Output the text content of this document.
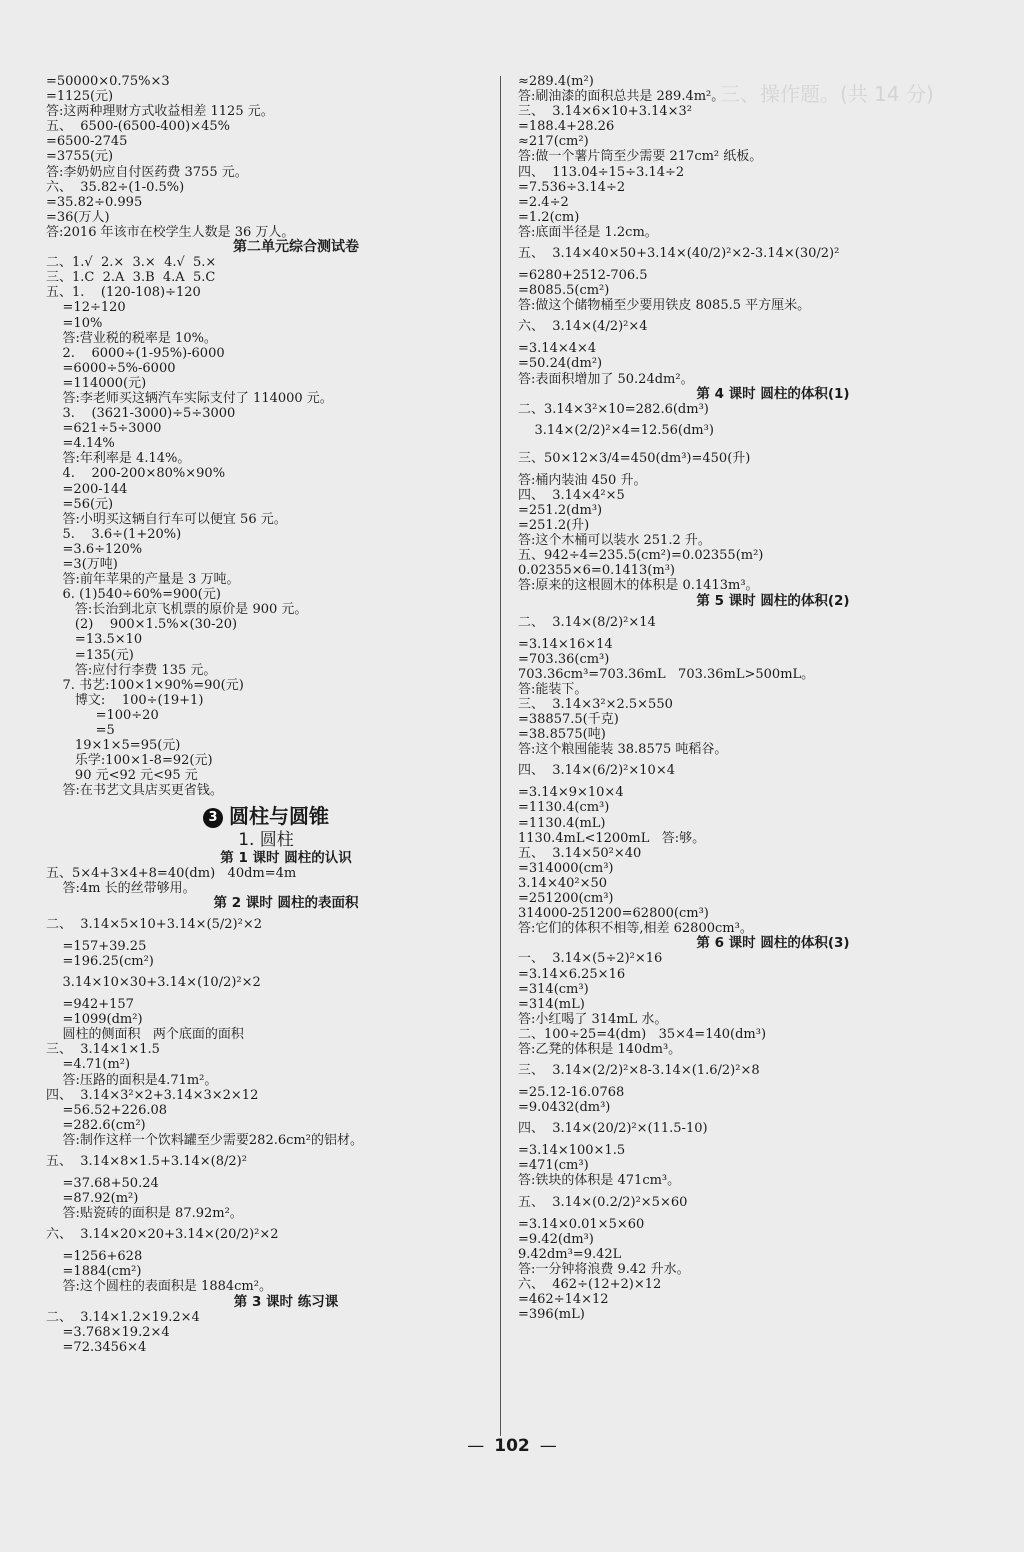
三、操作题。(共 14 分)
=50000×0.75%×3
=1125(元)
答:这两种理财方式收益相差 1125 元。
五、  6500-(6500-400)×45%
=6500-2745
=3755(元)
答:李奶奶应自付医药费 3755 元。
六、  35.82÷(1-0.5%)
=35.82÷0.995
=36(万人)
答:2016 年该市在校学生人数是 36 万人。
第二单元综合测试卷
二、1.√  2.×  3.×  4.√  5.×
三、1.C  2.A  3.B  4.A  5.C
五、1.    (120-108)÷120
=12÷120
=10%
答:营业税的税率是 10%。
2.    6000÷(1-95%)-6000
=6000÷5%-6000
=114000(元)
答:李老师买这辆汽车实际支付了 114000 元。
3.    (3621-3000)÷5÷3000
=621÷5÷3000
=4.14%
答:年利率是 4.14%。
4.    200-200×80%×90%
=200-144
=56(元)
答:小明买这辆自行车可以便宜 56 元。
5.    3.6÷(1+20%)
=3.6÷120%
=3(万吨)
答:前年苹果的产量是 3 万吨。
6. (1)540÷60%=900(元)
答:长治到北京飞机票的原价是 900 元。
(2)    900×1.5%×(30-20)
=13.5×10
=135(元)
答:应付行李费 135 元。
7. 书艺:100×1×90%=90(元)
博文:    100÷(19+1)
=100÷20
=5
19×1×5=95(元)
乐学:100×1-8=92(元)
90 元<92 元<95 元
答:在书艺文具店买更省钱。
3 圆柱与圆锥
1. 圆柱
第 1 课时 圆柱的认识
五、5×4+3×4+8=40(dm)   40dm=4m
答:4m 长的丝带够用。
第 2 课时 圆柱的表面积
二、  3.14×5×10+3.14×(5/2)²×2
=157+39.25
=196.25(cm²)
3.14×10×30+3.14×(10/2)²×2
=942+157
=1099(dm²)
圆柱的侧面积   两个底面的面积
三、  3.14×1×1.5
=4.71(m²)
答:压路的面积是4.71m²。
四、  3.14×3²×2+3.14×3×2×12
=56.52+226.08
=282.6(cm²)
答:制作这样一个饮料罐至少需要282.6cm²的铝材。
五、  3.14×8×1.5+3.14×(8/2)²
=37.68+50.24
=87.92(m²)
答:贴瓷砖的面积是 87.92m²。
六、  3.14×20×20+3.14×(20/2)²×2
=1256+628
=1884(cm²)
答:这个圆柱的表面积是 1884cm²。
第 3 课时 练习课
二、  3.14×1.2×19.2×4
=3.768×19.2×4
=72.3456×4
≈289.4(m²)
答:刷油漆的面积总共是 289.4m²。
三、  3.14×6×10+3.14×3²
=188.4+28.26
≈217(cm²)
答:做一个薯片筒至少需要 217cm² 纸板。
四、  113.04÷15÷3.14÷2
=7.536÷3.14÷2
=2.4÷2
=1.2(cm)
答:底面半径是 1.2cm。
五、  3.14×40×50+3.14×(40/2)²×2-3.14×(30/2)²
=6280+2512-706.5
=8085.5(cm²)
答:做这个储物桶至少要用铁皮 8085.5 平方厘米。
六、  3.14×(4/2)²×4
=3.14×4×4
=50.24(dm²)
答:表面积增加了 50.24dm²。
第 4 课时 圆柱的体积(1)
二、3.14×3²×10=282.6(dm³)
3.14×(2/2)²×4=12.56(dm³)
三、50×12×3/4=450(dm³)=450(升)
答:桶内装油 450 升。
四、  3.14×4²×5
=251.2(dm³)
=251.2(升)
答:这个木桶可以装水 251.2 升。
五、942÷4=235.5(cm²)=0.02355(m²)
0.02355×6=0.1413(m³)
答:原来的这根圆木的体积是 0.1413m³。
第 5 课时 圆柱的体积(2)
二、  3.14×(8/2)²×14
=3.14×16×14
=703.36(cm³)
703.36cm³=703.36mL   703.36mL>500mL。
答:能装下。
三、  3.14×3²×2.5×550
=38857.5(千克)
=38.8575(吨)
答:这个粮囤能装 38.8575 吨稻谷。
四、  3.14×(6/2)²×10×4
=3.14×9×10×4
=1130.4(cm³)
=1130.4(mL)
1130.4mL<1200mL   答:够。
五、  3.14×50²×40
=314000(cm³)
3.14×40²×50
=251200(cm³)
314000-251200=62800(cm³)
答:它们的体积不相等,相差 62800cm³。
第 6 课时 圆柱的体积(3)
一、  3.14×(5÷2)²×16
=3.14×6.25×16
=314(cm³)
=314(mL)
答:小红喝了 314mL 水。
二、100÷25=4(dm)   35×4=140(dm³)
答:乙凳的体积是 140dm³。
三、  3.14×(2/2)²×8-3.14×(1.6/2)²×8
=25.12-16.0768
=9.0432(dm³)
四、  3.14×(20/2)²×(11.5-10)
=3.14×100×1.5
=471(cm³)
答:铁块的体积是 471cm³。
五、  3.14×(0.2/2)²×5×60
=3.14×0.01×5×60
=9.42(dm³)
9.42dm³=9.42L
答:一分钟将浪费 9.42 升水。
六、  462÷(12+2)×12
=462÷14×12
=396(mL)
— 102 —
